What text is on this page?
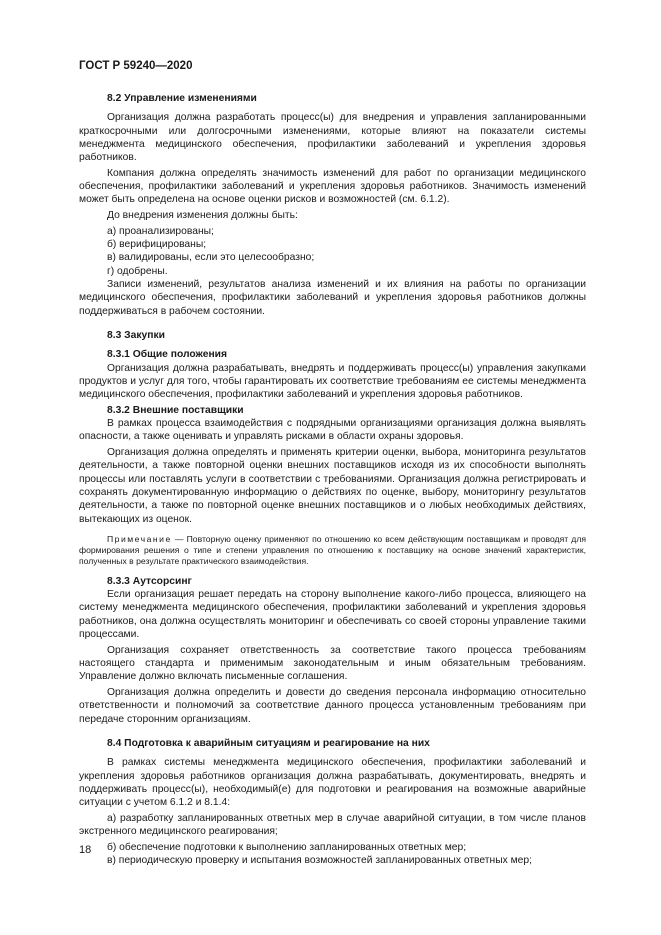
ГОСТ Р 59240—2020

8.2 Управление изменениями

Организация должна разработать процесс(ы) для внедрения и управления запланированными краткосрочными или долгосрочными изменениями, которые влияют на показатели системы менеджмента медицинского обеспечения, профилактики заболеваний и укрепления здоровья работников.

Компания должна определять значимость изменений для работ по организации медицинского обеспечения, профилактики заболеваний и укрепления здоровья работников. Значимость изменений может быть определена на основе оценки рисков и возможностей (см. 6.1.2).

До внедрения изменения должны быть:

а) проанализированы;

б) верифицированы;

в) валидированы, если это целесообразно;

г) одобрены.

Записи изменений, результатов анализа изменений и их влияния на работы по организации медицинского обеспечения, профилактики заболеваний и укрепления здоровья работников должны поддерживаться в рабочем состоянии.

8.3 Закупки

8.3.1 Общие положения

Организация должна разрабатывать, внедрять и поддерживать процесс(ы) управления закупками продуктов и услуг для того, чтобы гарантировать их соответствие требованиям ее системы менеджмента медицинского обеспечения, профилактики заболеваний и укрепления здоровья работников.

8.3.2 Внешние поставщики

В рамках процесса взаимодействия с подрядными организациями организация должна выявлять опасности, а также оценивать и управлять рисками в области охраны здоровья.

Организация должна определять и применять критерии оценки, выбора, мониторинга результатов деятельности, а также повторной оценки внешних поставщиков исходя из их способности выполнять процессы или поставлять услуги в соответствии с требованиями. Организация должна регистрировать и сохранять документированную информацию о действиях по оценке, выбору, мониторингу результатов деятельности, а также по повторной оценке внешних поставщиков и о любых необходимых действиях, вытекающих из оценок.

Примечание — Повторную оценку применяют по отношению ко всем действующим поставщикам и проводят для формирования решения о типе и степени управления по отношению к поставщику на основе значений характеристик, полученных в результате практического взаимодействия.

8.3.3 Аутсорсинг

Если организация решает передать на сторону выполнение какого-либо процесса, влияющего на систему менеджмента медицинского обеспечения, профилактики заболеваний и укрепления здоровья работников, она должна осуществлять мониторинг и обеспечивать со своей стороны управление такими процессами.

Организация сохраняет ответственность за соответствие такого процесса требованиям настоящего стандарта и применимым законодательным и иным обязательным требованиям. Управление должно включать письменные соглашения.

Организация должна определить и довести до сведения персонала информацию относительно ответственности и полномочий за соответствие данного процесса установленным требованиям при передаче сторонним организациям.

8.4 Подготовка к аварийным ситуациям и реагирование на них

В рамках системы менеджмента медицинского обеспечения, профилактики заболеваний и укрепления здоровья работников организация должна разрабатывать, документировать, внедрять и поддерживать процесс(ы), необходимый(е) для подготовки и реагирования на возможные аварийные ситуации с учетом 6.1.2 и 8.1.4:

а) разработку запланированных ответных мер в случае аварийной ситуации, в том числе планов экстренного медицинского реагирования;

б) обеспечение подготовки к выполнению запланированных ответных мер;

в) периодическую проверку и испытания возможностей запланированных ответных мер;

18
